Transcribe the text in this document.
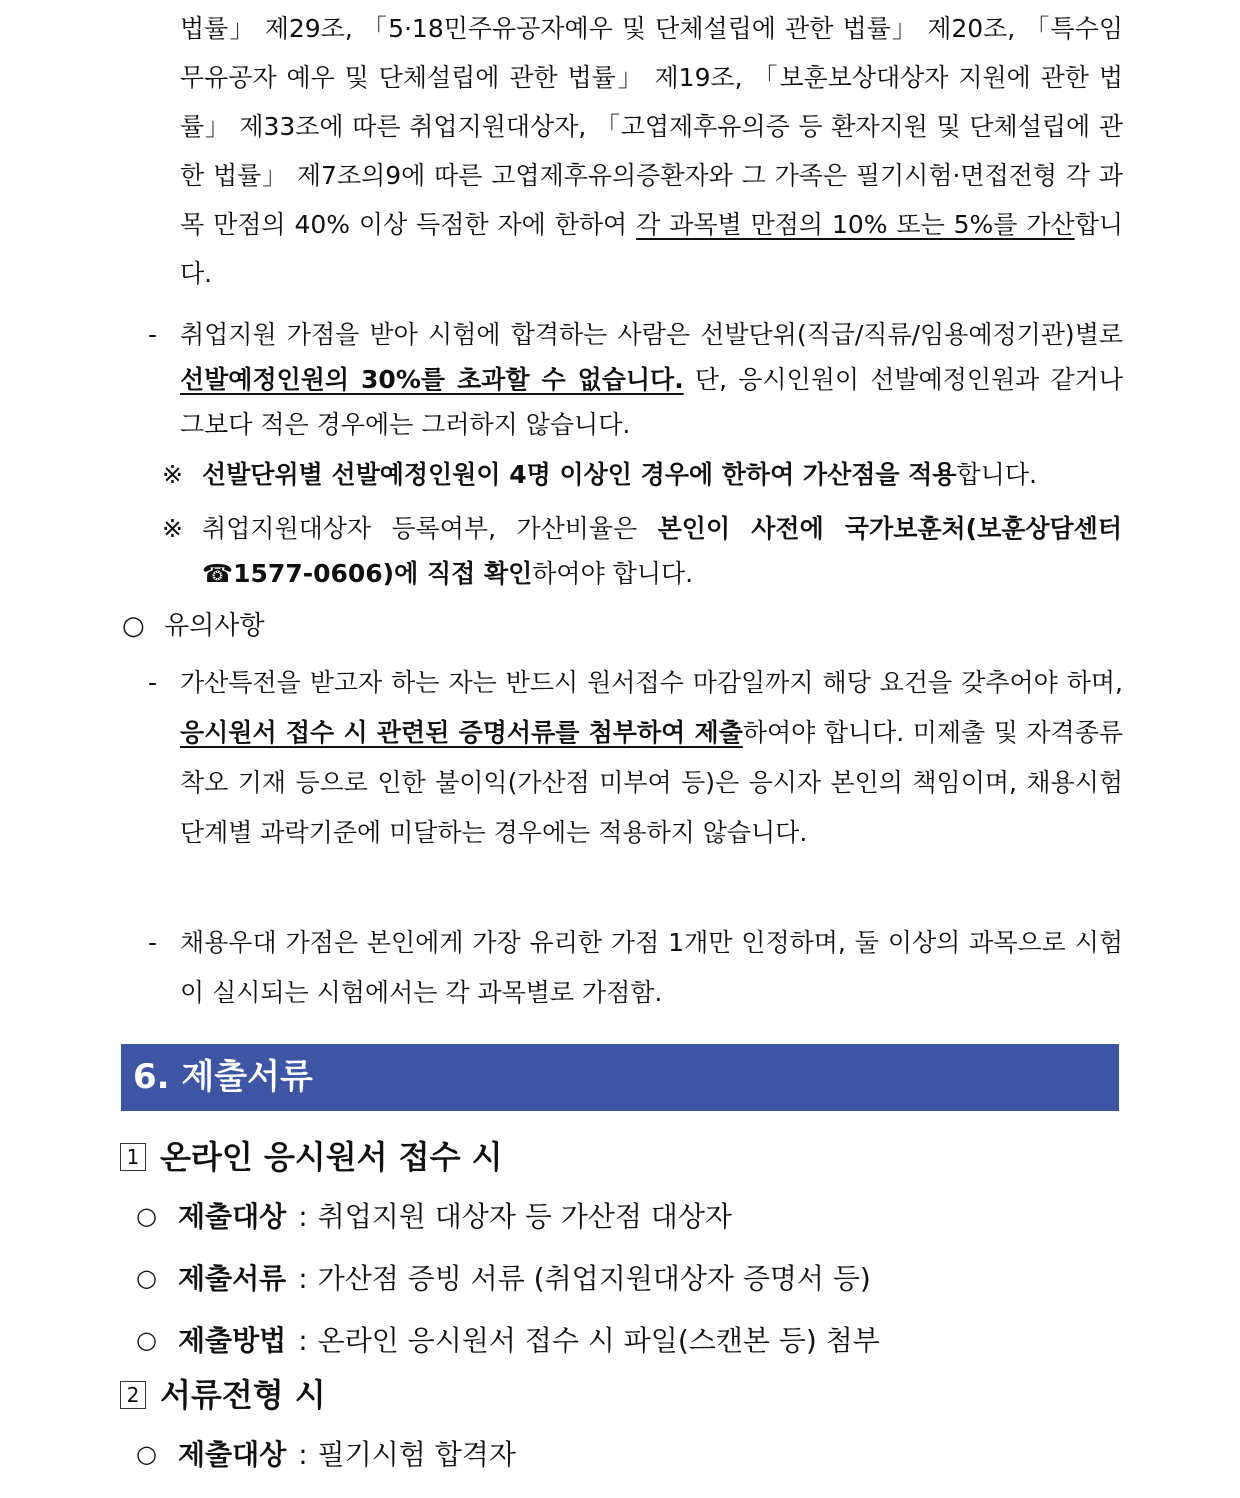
법률」 제29조, 「5·18민주유공자예우 및 단체설립에 관한 법률」 제20조, 「특수임무유공자 예우 및 단체설립에 관한 법률」 제19조, 「보훈보상대상자 지원에 관한 법률」 제33조에 따른 취업지원대상자, 「고엽제후유의증 등 환자지원 및 단체설립에 관한 법률」 제7조의9에 따른 고엽제후유의증환자와 그 가족은 필기시험·면접전형 각 과목 만점의 40% 이상 득점한 자에 한하여 각 과목별 만점의 10% 또는 5%를 가산합니다.
- 취업지원 가점을 받아 시험에 합격하는 사람은 선발단위(직급/직류/임용예정기관)별로 선발예정인원의 30%를 초과할 수 없습니다. 단, 응시인원이 선발예정인원과 같거나 그보다 적은 경우에는 그러하지 않습니다.
※ 선발단위별 선발예정인원이 4명 이상인 경우에 한하여 가산점을 적용합니다.
※ 취업지원대상자 등록여부, 가산비율은 본인이 사전에 국가보훈처(보훈상담센터 ☎1577-0606)에 직접 확인하여야 합니다.
○ 유의사항
- 가산특전을 받고자 하는 자는 반드시 원서접수 마감일까지 해당 요건을 갖추어야 하며, 응시원서 접수 시 관련된 증명서류를 첨부하여 제출하여야 합니다. 미제출 및 자격종류 착오 기재 등으로 인한 불이익(가산점 미부여 등)은 응시자 본인의 책임이며, 채용시험 단계별 과락기준에 미달하는 경우에는 적용하지 않습니다.
- 채용우대 가점은 본인에게 가장 유리한 가점 1개만 인정하며, 둘 이상의 과목으로 시험이 실시되는 시험에서는 각 과목별로 가점함.
6. 제출서류
1 온라인 응시원서 접수 시
○ 제출대상 : 취업지원 대상자 등 가산점 대상자
○ 제출서류 : 가산점 증빙 서류 (취업지원대상자 증명서 등)
○ 제출방법 : 온라인 응시원서 접수 시 파일(스캔본 등) 첨부
2 서류전형 시
○ 제출대상 : 필기시험 합격자
